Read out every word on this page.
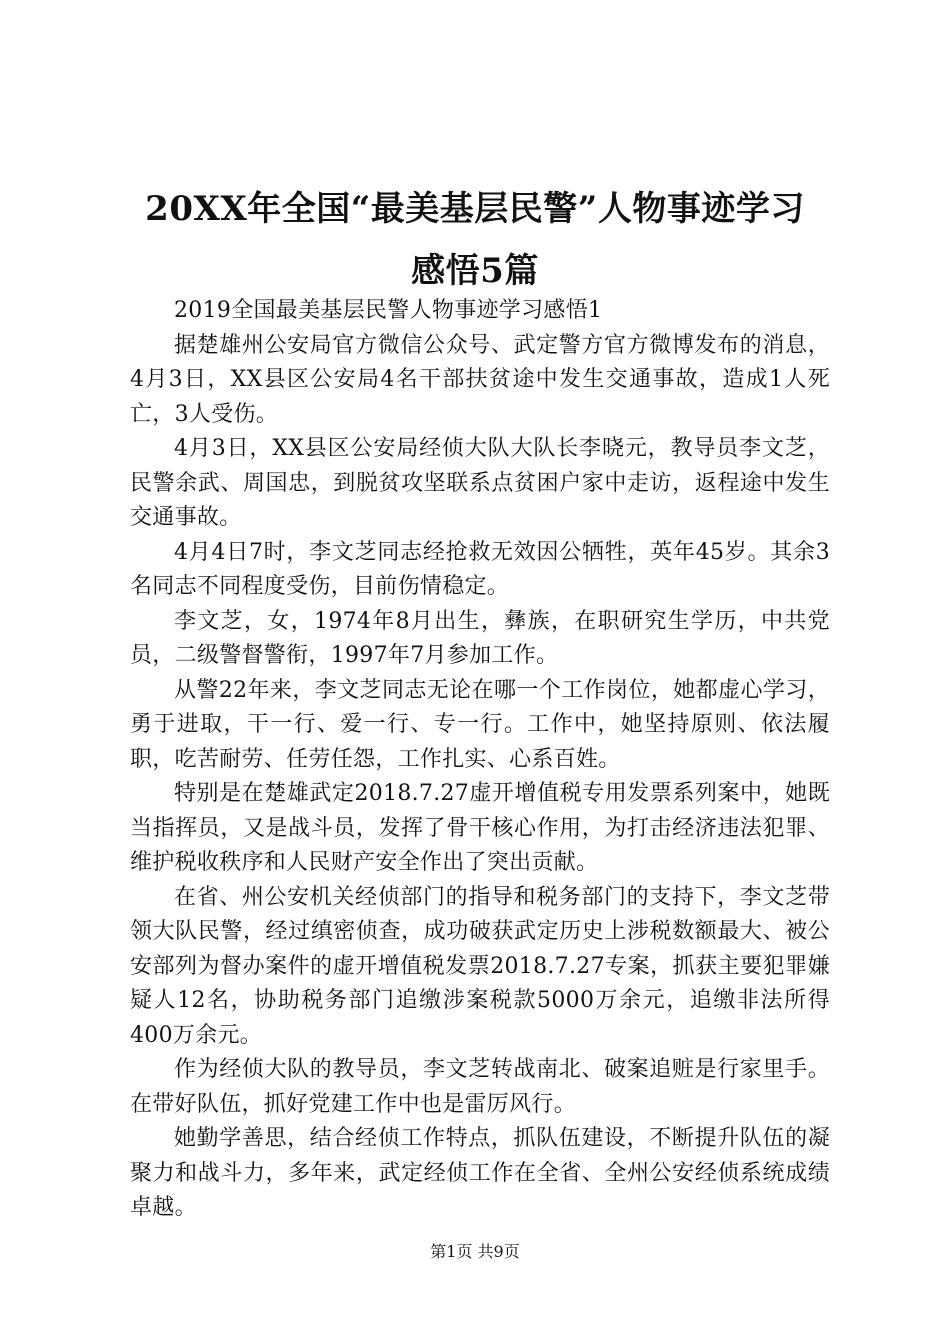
20XX年全国“最美基层民警”人物事迹学习
感悟5篇

2019全国最美基层民警人物事迹学习感悟1

据楚雄州公安局官方微信公众号、武定警方官方微博发布的消息，4月3日，XX县区公安局4名干部扶贫途中发生交通事故，造成1人死亡，3人受伤。

4月3日，XX县区公安局经侦大队大队长李晓元，教导员李文芝，民警余武、周国忠，到脱贫攻坚联系点贫困户家中走访，返程途中发生交通事故。

4月4日7时，李文芝同志经抢救无效因公牺牲，英年45岁。其余3名同志不同程度受伤，目前伤情稳定。

李文芝，女，1974年8月出生，彝族，在职研究生学历，中共党员，二级警督警衔，1997年7月参加工作。

从警22年来，李文芝同志无论在哪一个工作岗位，她都虚心学习，勇于进取，干一行、爱一行、专一行。工作中，她坚持原则、依法履职，吃苦耐劳、任劳任怨，工作扎实、心系百姓。

特别是在楚雄武定2018.7.27虚开增值税专用发票系列案中，她既当指挥员，又是战斗员，发挥了骨干核心作用，为打击经济违法犯罪、维护税收秩序和人民财产安全作出了突出贡献。

在省、州公安机关经侦部门的指导和税务部门的支持下，李文芝带领大队民警，经过缜密侦查，成功破获武定历史上涉税数额最大、被公安部列为督办案件的虚开增值税发票2018.7.27专案，抓获主要犯罪嫌疑人12名，协助税务部门追缴涉案税款5000万余元，追缴非法所得400万余元。

作为经侦大队的教导员，李文芝转战南北、破案追赃是行家里手。在带好队伍，抓好党建工作中也是雷厉风行。

她勤学善思，结合经侦工作特点，抓队伍建设，不断提升队伍的凝聚力和战斗力，多年来，武定经侦工作在全省、全州公安经侦系统成绩卓越。

第1页 共9页
